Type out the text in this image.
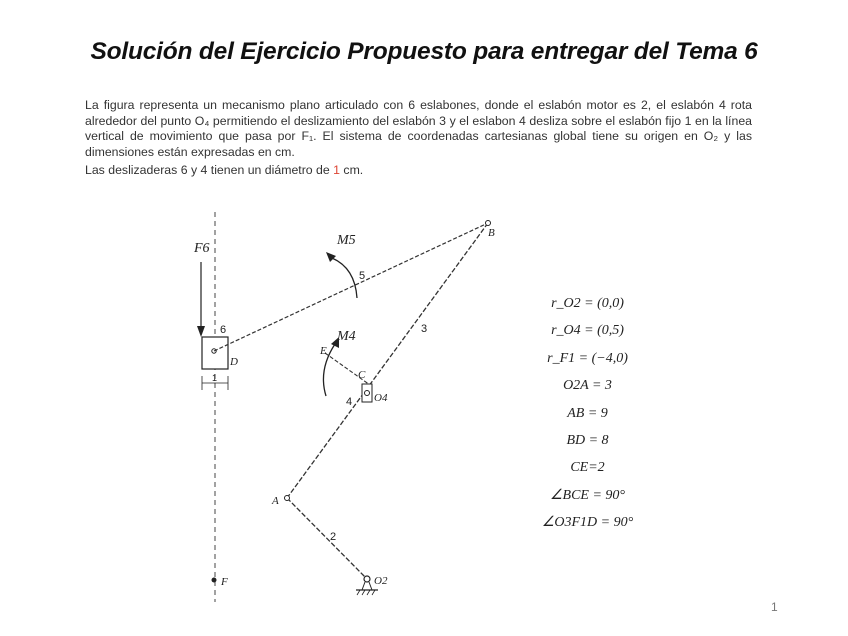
Solución del Ejercicio Propuesto para entregar del Tema 6

La figura representa un mecanismo plano articulado con 6 eslabones, donde el eslabón motor es 2, el eslabón 4 rota alrededor del punto O₄ permitiendo el deslizamiento del eslabón 3 y el eslabon 4 desliza sobre el eslabón fijo 1 en la línea vertical de movimiento que pasa por F₁. El sistema de coordenadas cartesianas global tiene su origen en O₂ y las dimensiones están expresadas en cm.

Las deslizaderas 6 y 4 tienen un diámetro de 1 cm.

F6
M5
M4
B
D
E
C
O4
A
O2
F
2
3
4
5
6
1
r_O2 = (0,0)
r_O4 = (0,5)
r_F1 = (−4,0)
O2A = 3
AB = 9
BD = 8
CE=2
∠BCE = 90°
∠O3F1D = 90°
1
